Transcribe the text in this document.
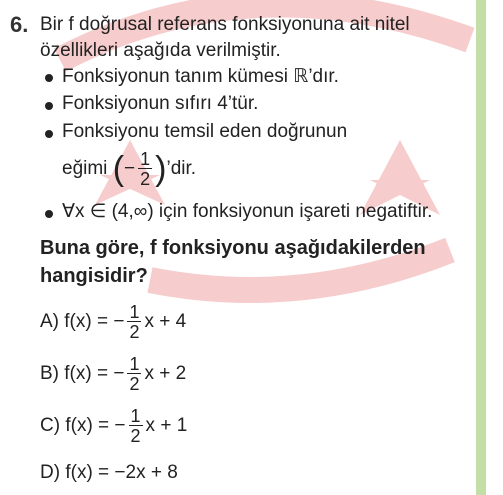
6. Bir f doğrusal referans fonksiyonuna ait nitel
özellikleri aşağıda verilmiştir.
Fonksiyonun tanım kümesi ℝ’dır.
Fonksiyonun sıfırı 4’tür.
Fonksiyonu temsil eden doğrunun
eğimi (− $\frac{1}{2}$ )’dir.
∀x ∈ (4,∞) için fonksiyonun işareti negatiftir.
Buna göre, f fonksiyonu aşağıdakilerden
hangisidir?
A) f(x) = − $\frac{1}{2}$ x + 4
B) f(x) = − $\frac{1}{2}$ x + 2
C) f(x) = − $\frac{1}{2}$ x + 1
D) f(x) = −2x + 8
